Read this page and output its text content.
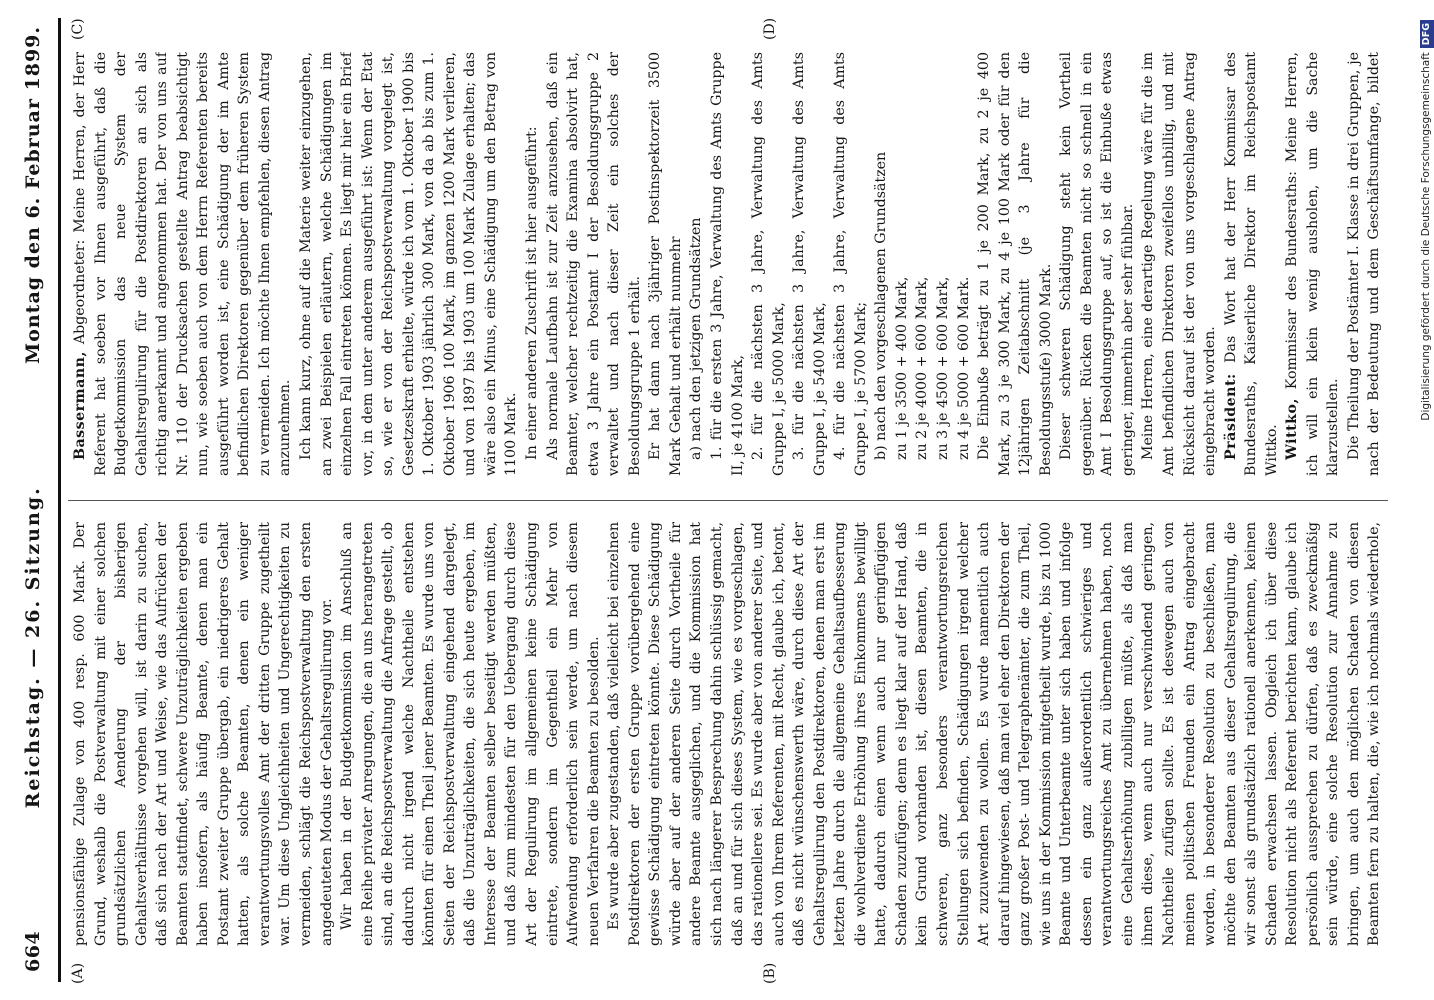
664
Reichstag. — 26. Sitzung.
Montag den 6. Februar 1899.
(A)	(B)
(C)	(D)

pensionsfähige Zulage von 400 resp. 600 Mark. Der Grund, weshalb die Postverwaltung mit einer solchen grundsätzlichen Aenderung der bisherigen Gehaltsverhältnisse vorgehen will, ist darin zu suchen, daß sich nach der Art und Weise, wie das Aufrücken der Beamten stattfindet, schwere Unzuträglichkeiten ergeben haben insofern, als häufig Beamte, denen man ein Postamt zweiter Gruppe übergab, ein niedrigeres Gehalt hatten, als solche Beamten, denen ein weniger verantwortungsvolles Amt der dritten Gruppe zugetheilt war. Um diese Ungleichheiten und Ungerechtigkeiten zu vermeiden, schlägt die Reichspostverwaltung den ersten angedeuteten Modus der Gehaltsregulirung vor. Wir haben in der Budgetkommission im Anschluß an eine Reihe privater Anregungen, die an uns herangetreten sind, an die Reichspostverwaltung die Anfrage gestellt, ob dadurch nicht irgend welche Nachtheile entstehen könnten für einen Theil jener Beamten. Es wurde uns von Seiten der Reichspostverwaltung eingehend dargelegt, daß die Unzuträglichkeiten, die sich heute ergeben, im Interesse der Beamten selber beseitigt werden müßten, und daß zum mindesten für den Uebergang durch diese Art der Regulirung im allgemeinen keine Schädigung eintrete, sondern im Gegentheil ein Mehr von Aufwendung erforderlich sein werde, um nach diesem neuen Verfahren die Beamten zu besolden. Es wurde aber zugestanden, daß vielleicht bei einzelnen Postdirektoren der ersten Gruppe vorübergehend eine gewisse Schädigung eintreten könnte. Diese Schädigung würde aber auf der anderen Seite durch Vortheile für andere Beamte ausgeglichen, und die Kommission hat sich nach längerer Besprechung dahin schlüssig gemacht, daß an und für sich dieses System, wie es vorgeschlagen, das rationellere sei. Es wurde aber von anderer Seite, und auch von Ihrem Referenten, mit Recht, glaube ich, betont, daß es nicht wünschenswerth wäre, durch diese Art der Gehaltsregulirung den Postdirektoren, denen man erst im letzten Jahre durch die allgemeine Gehaltsaufbesserung die wohlverdiente Erhöhung ihres Einkommens bewilligt hatte, dadurch einen wenn auch nur geringfügigen Schaden zuzufügen; denn es liegt klar auf der Hand, daß kein Grund vorhanden ist, diesen Beamten, die in schweren, ganz besonders verantwortungsreichen Stellungen sich befinden, Schädigungen irgend welcher Art zuzuwenden zu wollen. Es wurde namentlich auch darauf hingewiesen, daß man viel eher den Direktoren der ganz großer Post- und Telegraphenämter, die zum Theil, wie uns in der Kommission mitgetheilt wurde, bis zu 1000 Beamte und Unterbeamte unter sich haben und infolge dessen ein ganz außerordentlich schwieriges und verantwortungsreiches Amt zu übernehmen haben, noch eine Gehaltserhöhung zubilligen müßte, als daß man ihnen diese, wenn auch nur verschwindend geringen, Nachtheile zufügen sollte. Es ist deswegen auch von meinen politischen Freunden ein Antrag eingebracht worden, in besonderer Resolution zu beschließen, man möchte den Beamten aus dieser Gehaltsregulirung, die wir sonst als grundsätzlich rationell anerkennen, keinen Schaden erwachsen lassen. Obgleich ich über diese Resolution nicht als Referent berichten kann, glaube ich persönlich aussprechen zu dürfen, daß es zweckmäßig sein würde, eine solche Resolution zur Annahme zu bringen, um auch den möglichen Schaden von diesen Beamten fern zu halten, die, wie ich nochmals wiederhole,

Bassermann, Abgeordneter: Meine Herren, der Herr Referent hat soeben vor Ihnen ausgeführt, daß die Budgetkommission das neue System der Gehaltsregulirung für die Postdirektoren an sich als richtig anerkannt und angenommen hat. Der von uns auf Nr. 110 der Drucksachen gestellte Antrag beabsichtigt nun, wie soeben auch von dem Herrn Referenten bereits ausgeführt worden ist, eine Schädigung der im Amte befindlichen Direktoren gegenüber dem früheren System zu vermeiden. Ich möchte Ihnen empfehlen, diesen Antrag anzunehmen. Ich kann kurz, ohne auf die Materie weiter einzugehen, an zwei Beispielen erläutern, welche Schädigungen im einzelnen Fall eintreten können. Es liegt mir hier ein Brief vor, in dem unter anderem ausgeführt ist: Wenn der Etat so, wie er von der Reichspostverwaltung vorgelegt ist, Gesetzeskraft erhielte, würde ich vom 1. Oktober 1900 bis 1. Oktober 1903 jährlich 300 Mark, von da ab bis zum 1. Oktober 1906 100 Mark, im ganzen 1200 Mark verlieren, und von 1897 bis 1903 um 100 Mark Zulage erhalten; das wäre also ein Minus, eine Schädigung um den Betrag von 1100 Mark. In einer anderen Zuschrift ist hier ausgeführt: Als normale Laufbahn ist zur Zeit anzusehen, daß ein Beamter, welcher rechtzeitig die Examina absolvirt hat, etwa 3 Jahre ein Postamt I der Besoldungsgruppe 2 verwaltet und nach dieser Zeit ein solches der Besoldungsgruppe 1 erhält. Er hat dann nach 3jähriger Postinspektorzeit 3500 Mark Gehalt und erhält nunmehr a) nach den jetzigen Grundsätzen 1. für die ersten 3 Jahre, Verwaltung des Amts Gruppe II, je 4100 Mark, 2. für die nächsten 3 Jahre, Verwaltung des Amts Gruppe I, je 5000 Mark, 3. für die nächsten 3 Jahre, Verwaltung des Amts Gruppe I, je 5400 Mark, 4. für die nächsten 3 Jahre, Verwaltung des Amts Gruppe I, je 5700 Mark; b) nach den vorgeschlagenen Grundsätzen zu 1 je 3500 + 400 Mark, zu 2 je 4000 + 600 Mark, zu 3 je 4500 + 600 Mark, zu 4 je 5000 + 600 Mark. Die Einbuße beträgt zu 1 je 200 Mark, zu 2 je 400 Mark, zu 3 je 300 Mark, zu 4 je 100 Mark oder für den 12jährigen Zeitabschnitt (je 3 Jahre für die Besoldungsstufe) 3000 Mark. Dieser schweren Schädigung steht kein Vortheil gegenüber. Rücken die Beamten nicht so schnell in ein Amt I Besoldungsgruppe auf, so ist die Einbuße etwas geringer, immerhin aber sehr fühlbar. Meine Herren, eine derartige Regelung wäre für die im Amt befindlichen Direktoren zweifellos unbillig, und mit Rücksicht darauf ist der von uns vorgeschlagene Antrag eingebracht worden. Präsident: Das Wort hat der Herr Kommissar des Bundesraths, Kaiserliche Direktor im Reichspostamt Wittko. Wittko, Kommissar des Bundesraths: Meine Herren, ich will ein klein wenig ausholen, um die Sache klarzustellen. Die Theilung der Postämter I. Klasse in drei Gruppen, je nach der Bedeutung und dem Geschäftsumfange, bildet	Digitalisierung gefördert durch die Deutsche ForschungsgemeinschaftDFG
